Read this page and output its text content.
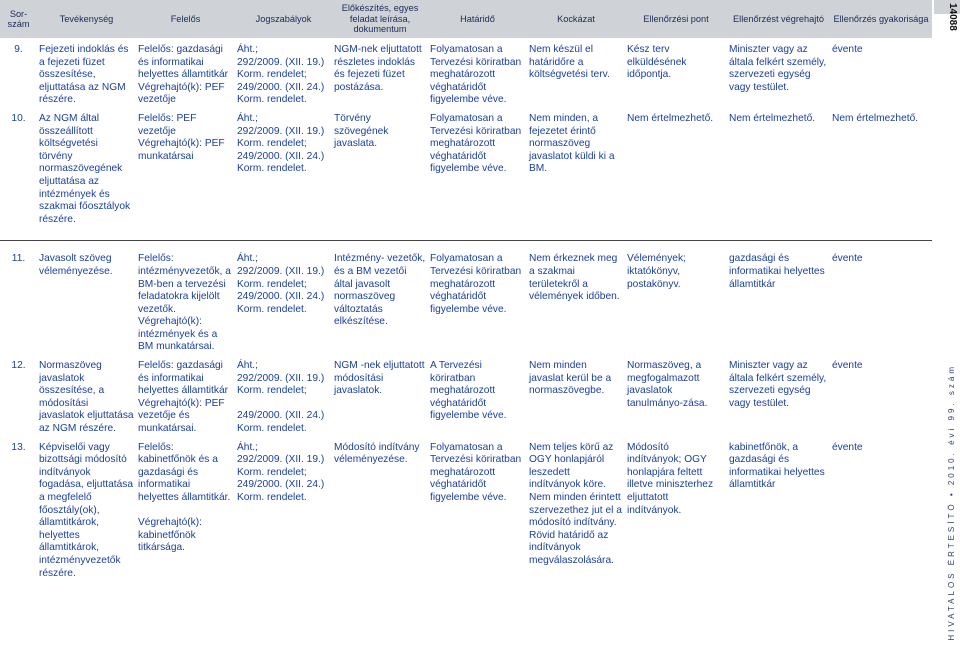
Sor-
szám	Tevékenység	Felelős	Jogszabályok	Előkészítés, egyes
feladat leírása,
dokumentum	Határidő	Kockázat	Ellenőrzési pont	Ellenőrzést végrehajtó	Ellenőrzés gyakorisága

9.	Fejezeti indoklás és a fejezeti füzet összesítése, eljuttatása az NGM részére.	Felelős: gazdasági és informatikai helyettes államtitkár
Végrehajtó(k): PEF vezetője	Áht.;
292/2009. (XII. 19.) Korm. rendelet;
249/2000. (XII. 24.) Korm. rendelet.	NGM-nek eljuttatott részletes indoklás és fejezeti füzet postázása.	Folyamatosan a Tervezési köriratban meghatározott véghatáridőt figyelembe véve.	Nem készül el határidőre a költségvetési terv.	Kész terv elküldésének időpontja.	Miniszter vagy az általa felkért személy, szervezeti egység vagy testület.	évente

10.	Az NGM által összeállított költségvetési törvény normaszövegének eljuttatása az intézmények és szakmai főosztályok részére.	Felelős: PEF vezetője
Végrehajtó(k): PEF munkatársai	Áht.;
292/2009. (XII. 19.) Korm. rendelet;
249/2000. (XII. 24.) Korm. rendelet.	Törvény szövegének javaslata.	Folyamatosan a Tervezési köriratban meghatározott véghatáridőt figyelembe véve.	Nem minden, a fejezetet érintő normaszöveg javaslatot küldi ki a BM.	Nem értelmezhető.	Nem értelmezhető.	Nem értelmezhető.

11.	Javasolt szöveg véleményezése.	Felelős: intézményvezetők, a BM-ben a tervezési feladatokra kijelölt vezetők.
Végrehajtó(k): intézmények és a BM munkatársai.	Áht.;
292/2009. (XII. 19.) Korm. rendelet;
249/2000. (XII. 24.) Korm. rendelet.	Intézmény- vezetők, és a BM vezetői által javasolt normaszöveg változtatás elkészítése.	Folyamatosan a Tervezési köriratban meghatározott véghatáridőt figyelembe véve.	Nem érkeznek meg a szakmai területekről a vélemények időben.	Vélemények; iktatókönyv, postakönyv.	gazdasági és informatikai helyettes államtitkár	évente

12.	Normaszöveg javaslatok összesítése, a módosítási javaslatok eljuttatása az NGM részére.	Felelős: gazdasági és informatikai helyettes államtitkár
Végrehajtó(k): PEF vezetője és munkatársai.	Áht.;
292/2009. (XII. 19.) Korm. rendelet;

249/2000. (XII. 24.) Korm. rendelet.	NGM -nek eljuttatott módosítási javaslatok.	A Tervezési köriratban meghatározott véghatáridőt figyelembe véve.	Nem minden javaslat kerül be a normaszövegbe.	Normaszöveg, a megfogalmazott javaslatok tanulmányo-zása.	Miniszter vagy az általa felkért személy, szervezeti egység vagy testület.	évente

13.	Képviselői vagy bizottsági módosító indítványok fogadása, eljuttatása a megfelelő főosztály(ok), államtitkárok, helyettes államtitkárok, intézményvezetők részére.	Felelős: kabinetfőnök és a gazdasági és informatikai helyettes államtitkár.

Végrehajtó(k): kabinetfőnök titkársága.	Áht.;
292/2009. (XII. 19.) Korm. rendelet;
249/2000. (XII. 24.) Korm. rendelet.	Módosító indítvány véleményezése.	Folyamatosan a Tervezési köriratban meghatározott véghatáridőt figyelembe véve.	Nem teljes körű az OGY honlapjáról leszedett indítványok köre. Nem minden érintett szervezethez jut el a módosító indítvány. Rövid határidő az indítványok megválaszolására.	Módosító indítványok; OGY honlapjára feltett illetve miniszterhez eljuttatott indítványok.	kabinetfőnök, a gazdasági és informatikai helyettes államtitkár	évente
14088
HIVATALOS ÉRTESÍTŐ • 2010. évi 99. szám
